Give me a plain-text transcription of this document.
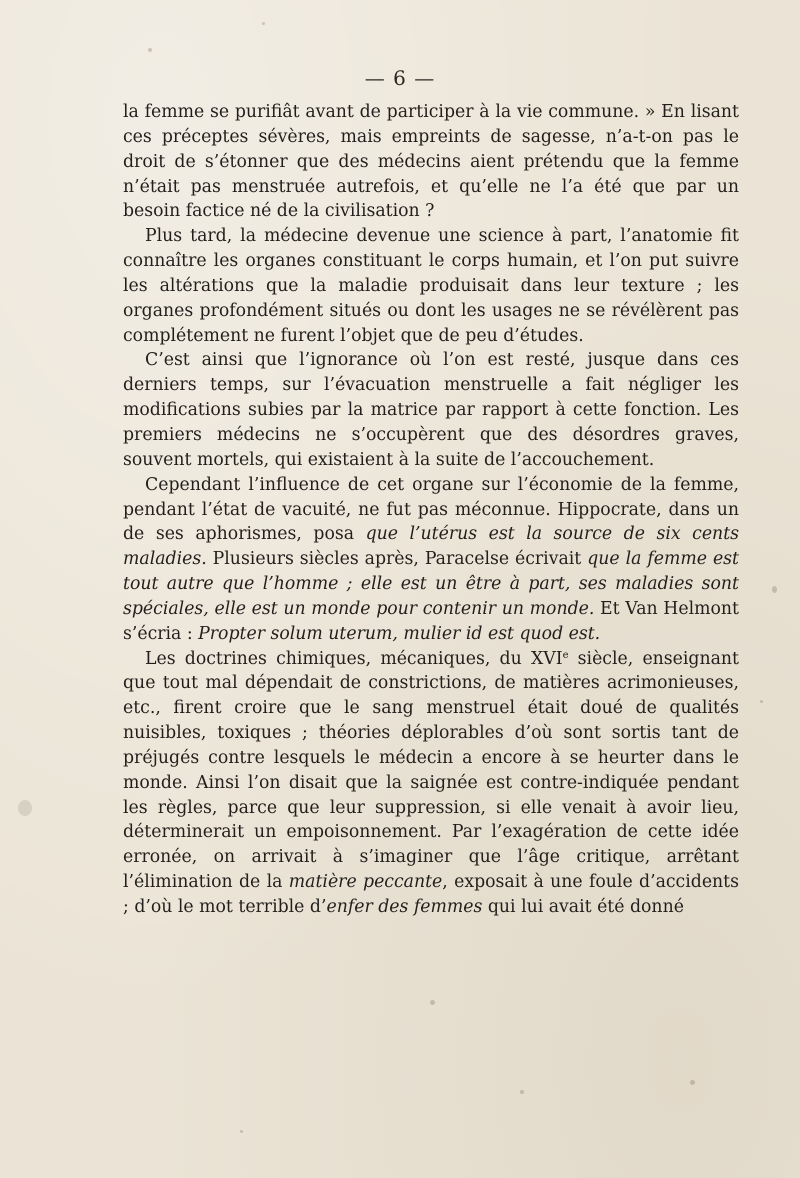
— 6 —

la femme se purifiât avant de participer à la vie commune. » En lisant ces préceptes sévères, mais empreints de sagesse, n’a-t-on pas le droit de s’étonner que des médecins aient prétendu que la femme n’était pas menstruée autrefois, et qu’elle ne l’a été que par un besoin factice né de la civilisation ?

Plus tard, la médecine devenue une science à part, l’anatomie fit connaître les organes constituant le corps humain, et l’on put suivre les altérations que la maladie produisait dans leur texture ; les organes profondément situés ou dont les usages ne se révélèrent pas complétement ne furent l’objet que de peu d’études.

C’est ainsi que l’ignorance où l’on est resté, jusque dans ces derniers temps, sur l’évacuation menstruelle a fait négliger les modifications subies par la matrice par rapport à cette fonction. Les premiers médecins ne s’occupèrent que des désordres graves, souvent mortels, qui existaient à la suite de l’accouchement.

Cependant l’influence de cet organe sur l’économie de la femme, pendant l’état de vacuité, ne fut pas méconnue. Hippocrate, dans un de ses aphorismes, posa que l’utérus est la source de six cents maladies. Plusieurs siècles après, Paracelse écrivait que la femme est tout autre que l’homme ; elle est un être à part, ses maladies sont spéciales, elle est un monde pour contenir un monde. Et Van Helmont s’écria : Propter solum uterum, mulier id est quod est.

Les doctrines chimiques, mécaniques, du XVIe siècle, enseignant que tout mal dépendait de constrictions, de matières acrimonieuses, etc., firent croire que le sang menstruel était doué de qualités nuisibles, toxiques ; théories déplorables d’où sont sortis tant de préjugés contre lesquels le médecin a encore à se heurter dans le monde. Ainsi l’on disait que la saignée est contre-indiquée pendant les règles, parce que leur suppression, si elle venait à avoir lieu, déterminerait un empoisonnement. Par l’exagération de cette idée erronée, on arrivait à s’imaginer que l’âge critique, arrêtant l’élimination de la matière peccante, exposait à une foule d’accidents ; d’où le mot terrible d’enfer des femmes qui lui avait été donné
